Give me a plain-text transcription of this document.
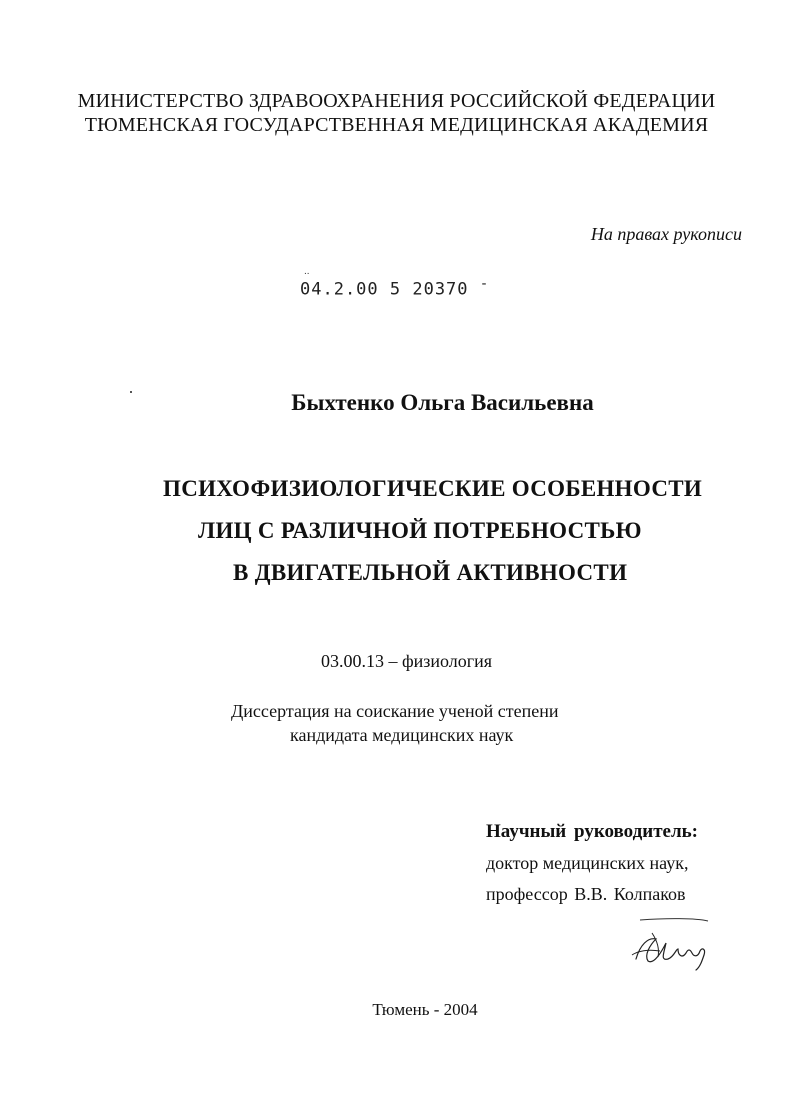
МИНИСТЕРСТВО ЗДРАВООХРАНЕНИЯ РОССИЙСКОЙ ФЕДЕРАЦИИ
ТЮМЕНСКАЯ ГОСУДАРСТВЕННАЯ МЕДИЦИНСКАЯ АКАДЕМИЯ
На правах рукописи
..
04.2.00 5 20370 -
Быхтенко Ольга Васильевна
ПСИХОФИЗИОЛОГИЧЕСКИЕ ОСОБЕННОСТИ
ЛИЦ С РАЗЛИЧНОЙ ПОТРЕБНОСТЬЮ
В ДВИГАТЕЛЬНОЙ АКТИВНОСТИ
03.00.13 – физиология
Диссертация на соискание ученой степени
кандидата медицинских наук
Научный руководитель:
доктор медицинских наук,
профессор В.В. Колпаков
Тюмень - 2004
